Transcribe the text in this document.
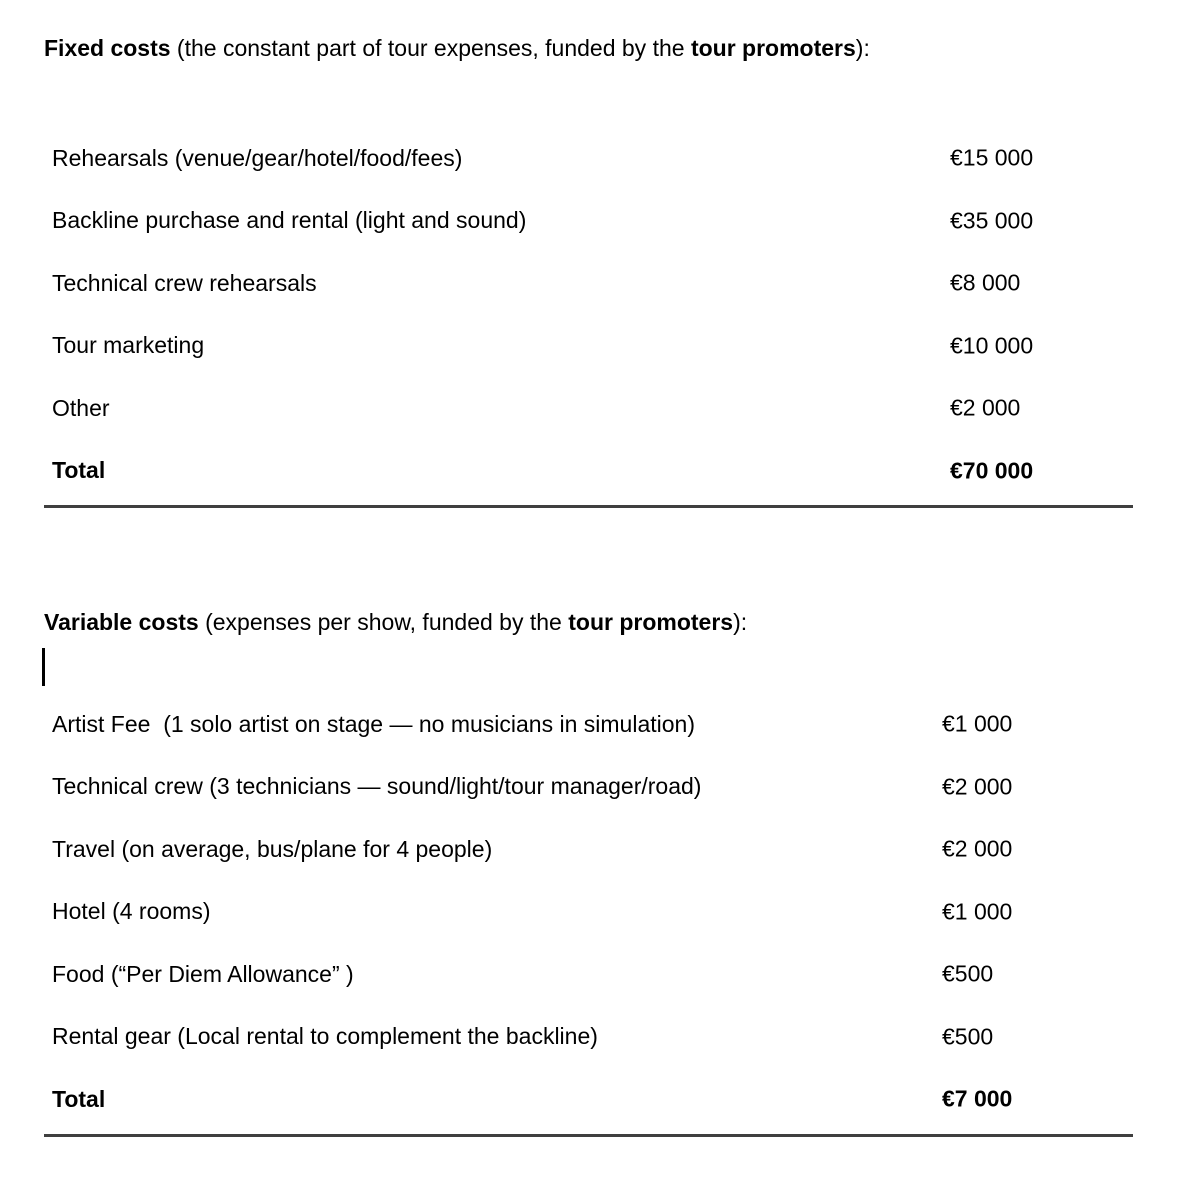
Fixed costs (the constant part of tour expenses, funded by the tour promoters):
Rehearsals (venue/gear/hotel/food/fees)	€15 000
Backline purchase and rental (light and sound)	€35 000
Technical crew rehearsals	€8 000
Tour marketing	€10 000
Other	€2 000
Total	€70 000
Variable costs (expenses per show, funded by the tour promoters):
Artist Fee  (1 solo artist on stage — no musicians in simulation)	€1 000
Technical crew (3 technicians — sound/light/tour manager/road)	€2 000
Travel (on average, bus/plane for 4 people)	€2 000
Hotel (4 rooms)	€1 000
Food (“Per Diem Allowance” )	€500
Rental gear (Local rental to complement the backline)	€500
Total	€7 000
